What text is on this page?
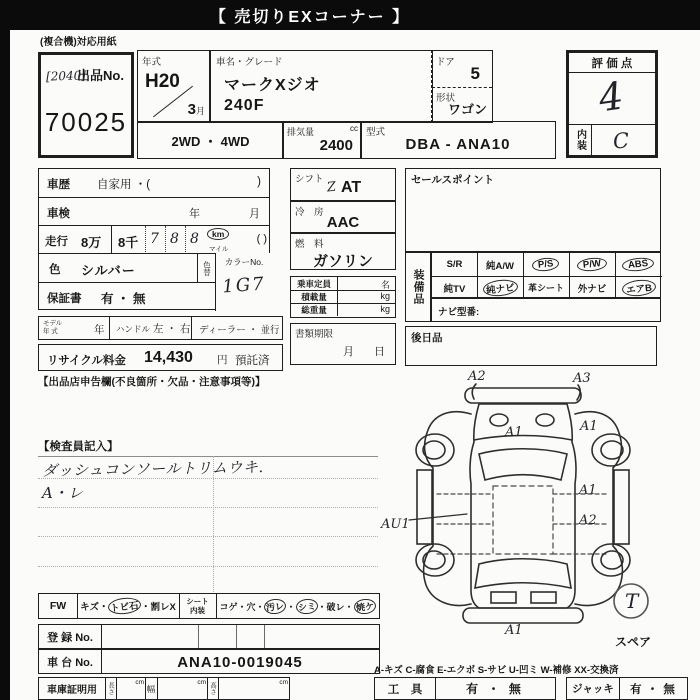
【 売切りEXコーナー 】
(複合機)対応用紙
出品No.
[2040]
70025
年式
H20
3月
車名・グレード
マークXジオ
240F
ドア
5
形状
ワゴン
2WD ・ 4WD
排気量	cc
2400
型式
DBA - ANA10
評 価 点
4
内装	C
車歴 自家用 ・(	)
車検	年	月
走行 8万 8千 7 8 8	km
マイル
( )
色 シルバー	色替
保証書 有 ・ 無
カラーNo.
1G7
モデル
年 式	年 ハンドル 左 ・ 右 ディーラー ・ 並行
リサイクル料金 14,430 円 預託済
【出品店申告欄(不良箇所・欠品・注意事項等)】
シフト
Z AT
冷　房
AAC
燃　料
ガソリン
乗車定員	名
積載量	kg
総重量	kg
書類期限
月 日
セールスポイント
装備品
S/R 純A/W	P/S	P/W	ABS
純TV	純ナビ	革シート 外ナビ	エアB
ナビ型番:
後日品
A2	A3
A1	A1
A1
A2
AU1
A1
T
スペア
【検査員記入】
ダッシュコンソールトリムウキ.
A・レ
FW	キズ・ トビ石 ・割レX
シート
内装 コゲ・穴・ 汚レ ・ シミ ・破レ・ 焼ケ
登 録 No.
車 台 No.	ANA10-0019045
車庫証明用	長さ	cm
幅
cm 高さ	cm
A-キズ C-腐食 E-エクボ S-サビ U-凹ミ W-補修 XX-交換済
工　具	有 ・ 無	ジャッキ	有 ・ 無
